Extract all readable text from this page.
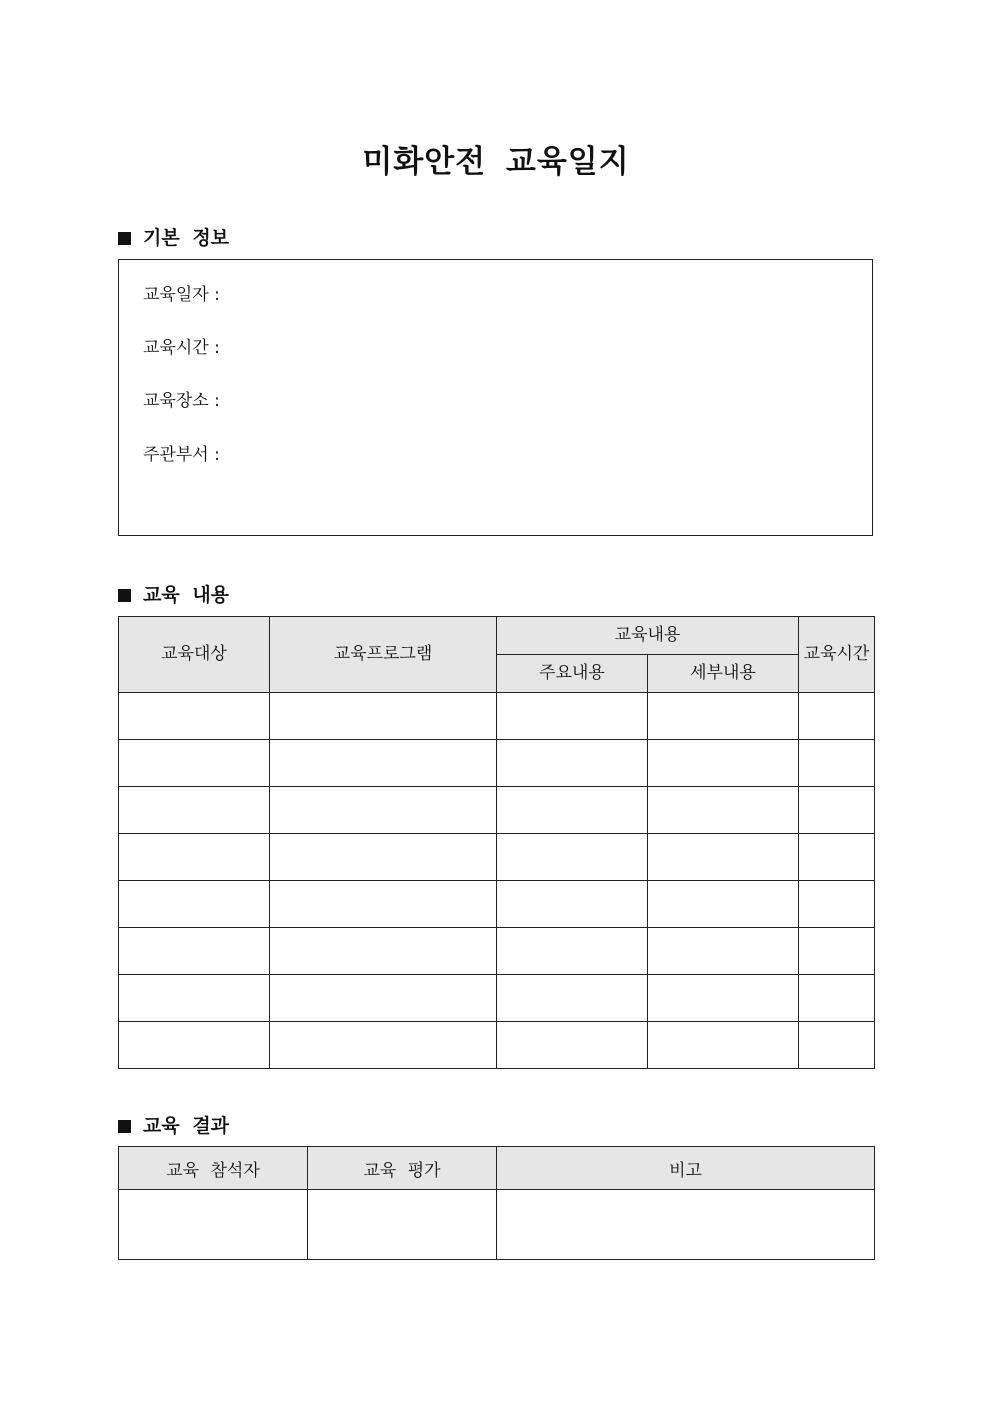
미화안전 교육일지
기본 정보
교육일자 :
교육시간 :
교육장소 :
주관부서 :
교육 내용
교육대상	교육프로그램	교육내용		교육시간
		주요내용	세부내용	

교육 결과
교육 참석자	교육 평가	비고
